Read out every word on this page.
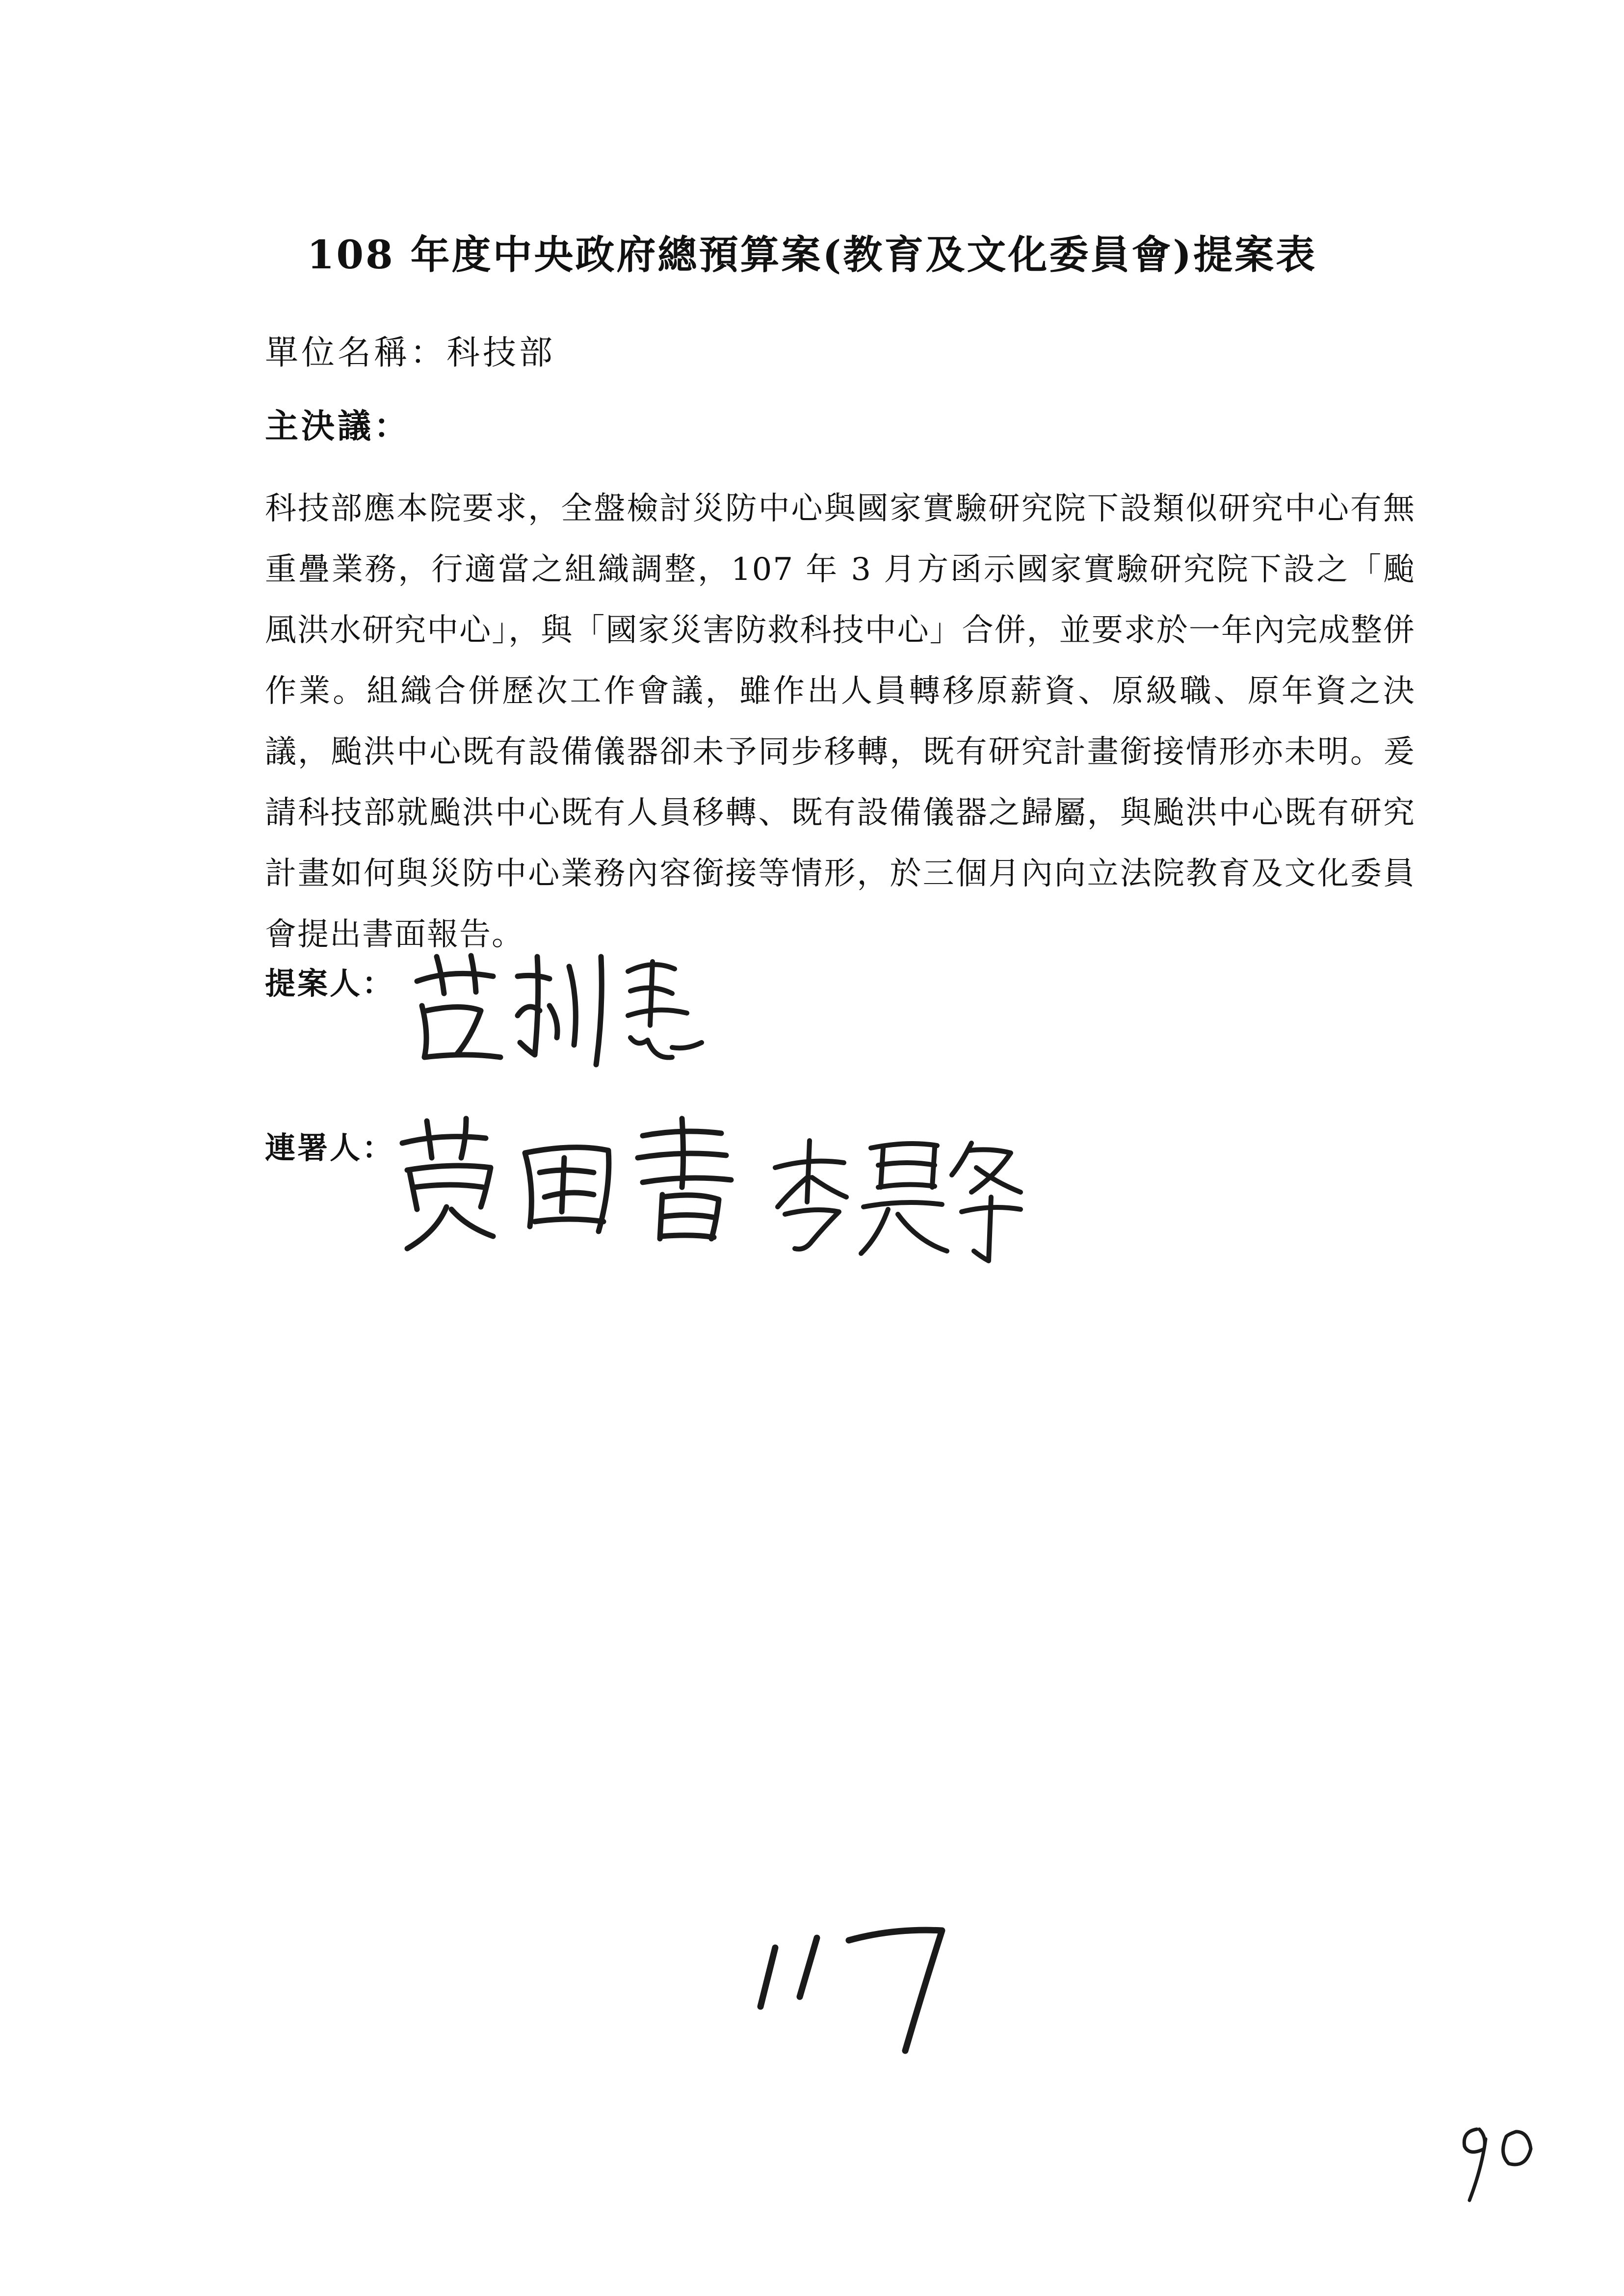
108 年度中央政府總預算案(教育及文化委員會)提案表
單位名稱：科技部
主決議：
科技部應本院要求，全盤檢討災防中心與國家實驗研究院下設類似研究中心有無重疊業務，行適當之組織調整，107 年 3 月方函示國家實驗研究院下設之「颱風洪水研究中心」，與「國家災害防救科技中心」合併，並要求於一年內完成整併作業。組織合併歷次工作會議，雖作出人員轉移原薪資、原級職、原年資之決議，颱洪中心既有設備儀器卻未予同步移轉，既有研究計畫銜接情形亦未明。爰請科技部就颱洪中心既有人員移轉、既有設備儀器之歸屬，與颱洪中心既有研究計畫如何與災防中心業務內容銜接等情形，於三個月內向立法院教育及文化委員會提出書面報告。
提案人：
連署人：
